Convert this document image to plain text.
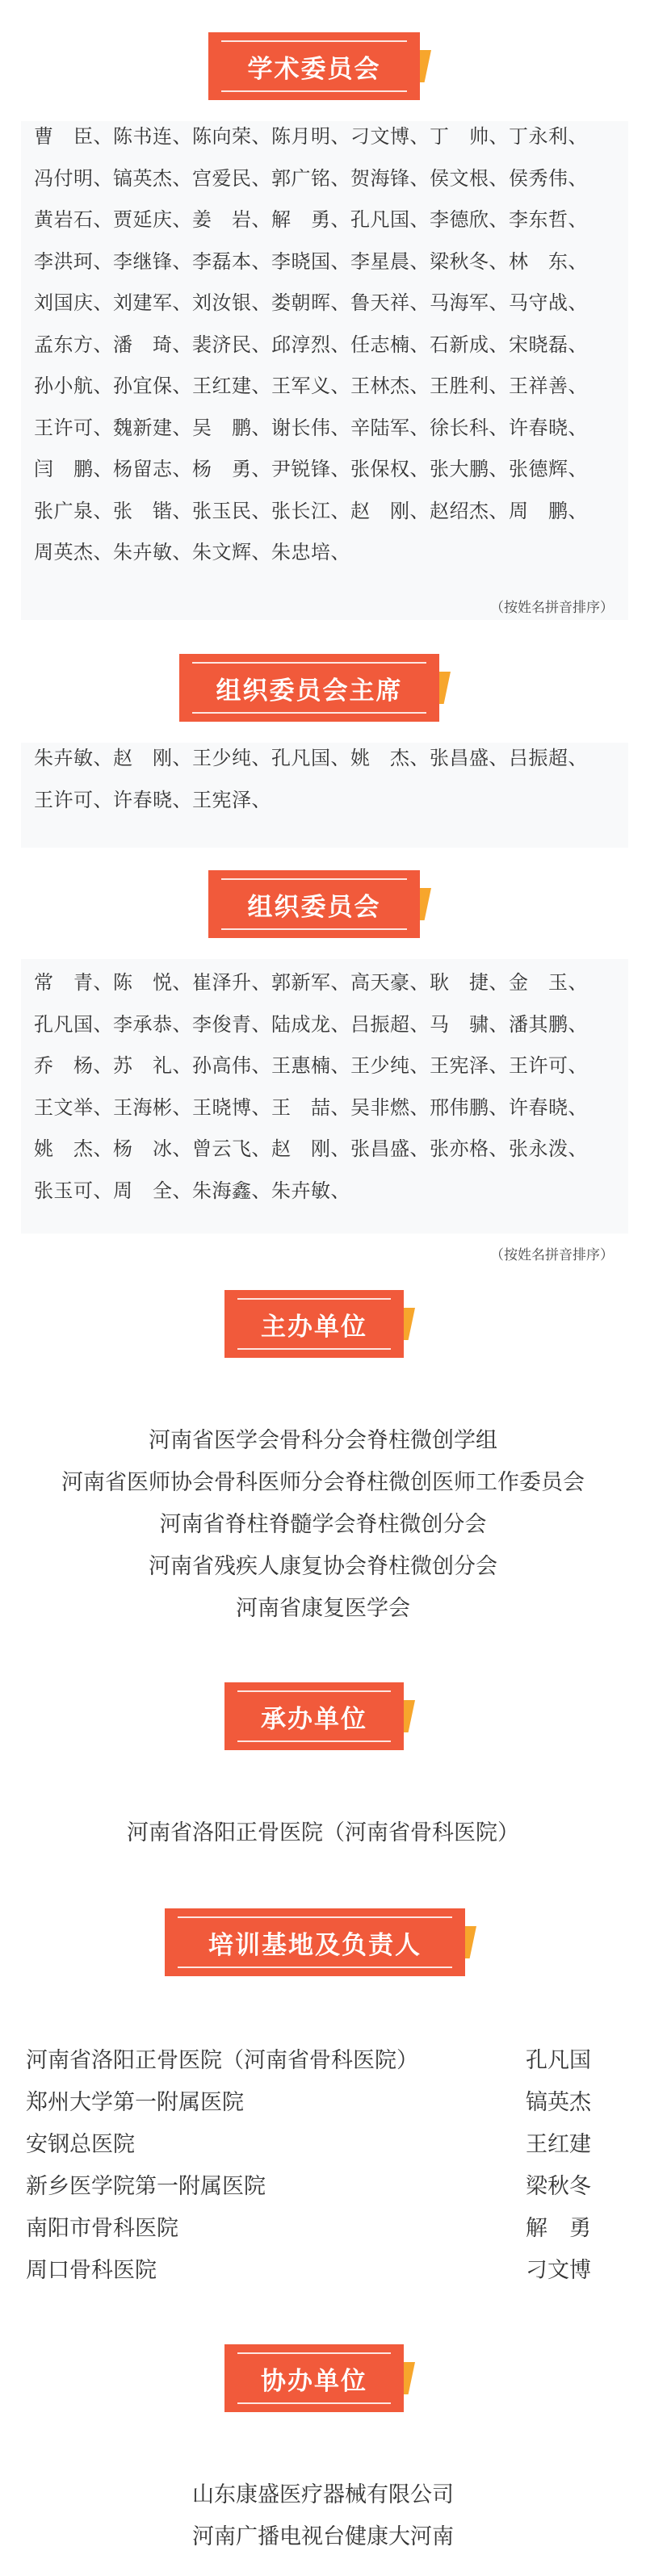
学术委员会
曹　臣、陈书连、陈向荣、陈月明、刁文博、丁　帅、丁永利、冯付明、镐英杰、宫爱民、郭广铭、贺海锋、侯文根、侯秀伟、黄岩石、贾延庆、姜　岩、解　勇、孔凡国、李德欣、李东哲、李洪珂、李继锋、李磊本、李晓国、李星晨、梁秋冬、林　东、刘国庆、刘建军、刘汝银、娄朝晖、鲁天祥、马海军、马守战、孟东方、潘　琦、裴济民、邱淳烈、任志楠、石新成、宋晓磊、孙小航、孙宜保、王红建、王军义、王林杰、王胜利、王祥善、王许可、魏新建、吴　鹏、谢长伟、辛陆军、徐长科、许春晓、闫　鹏、杨留志、杨　勇、尹锐锋、张保权、张大鹏、张德辉、张广泉、张　锴、张玉民、张长江、赵　刚、赵绍杰、周　鹏、周英杰、朱卉敏、朱文辉、朱忠培、
（按姓名拼音排序）
组织委员会主席
朱卉敏、赵　刚、王少纯、孔凡国、姚　杰、张昌盛、吕振超、王许可、许春晓、王宪泽、
组织委员会
常　青、陈　悦、崔泽升、郭新军、高天豪、耿　捷、金　玉、孔凡国、李承恭、李俊青、陆成龙、吕振超、马　骕、潘其鹏、乔　杨、苏　礼、孙高伟、王惠楠、王少纯、王宪泽、王许可、王文举、王海彬、王晓博、王　喆、吴非燃、邢伟鹏、许春晓、姚　杰、杨　冰、曾云飞、赵　刚、张昌盛、张亦格、张永泼、张玉可、周　全、朱海鑫、朱卉敏、
（按姓名拼音排序）
主办单位
河南省医学会骨科分会脊柱微创学组
河南省医师协会骨科医师分会脊柱微创医师工作委员会
河南省脊柱脊髓学会脊柱微创分会
河南省残疾人康复协会脊柱微创分会
河南省康复医学会
承办单位
河南省洛阳正骨医院（河南省骨科医院）
培训基地及负责人
河南省洛阳正骨医院（河南省骨科医院）	孔凡国
郑州大学第一附属医院	镐英杰
安钢总医院	王红建
新乡医学院第一附属医院	梁秋冬
南阳市骨科医院	解　勇
周口骨科医院	刁文博
协办单位
山东康盛医疗器械有限公司
河南广播电视台健康大河南
